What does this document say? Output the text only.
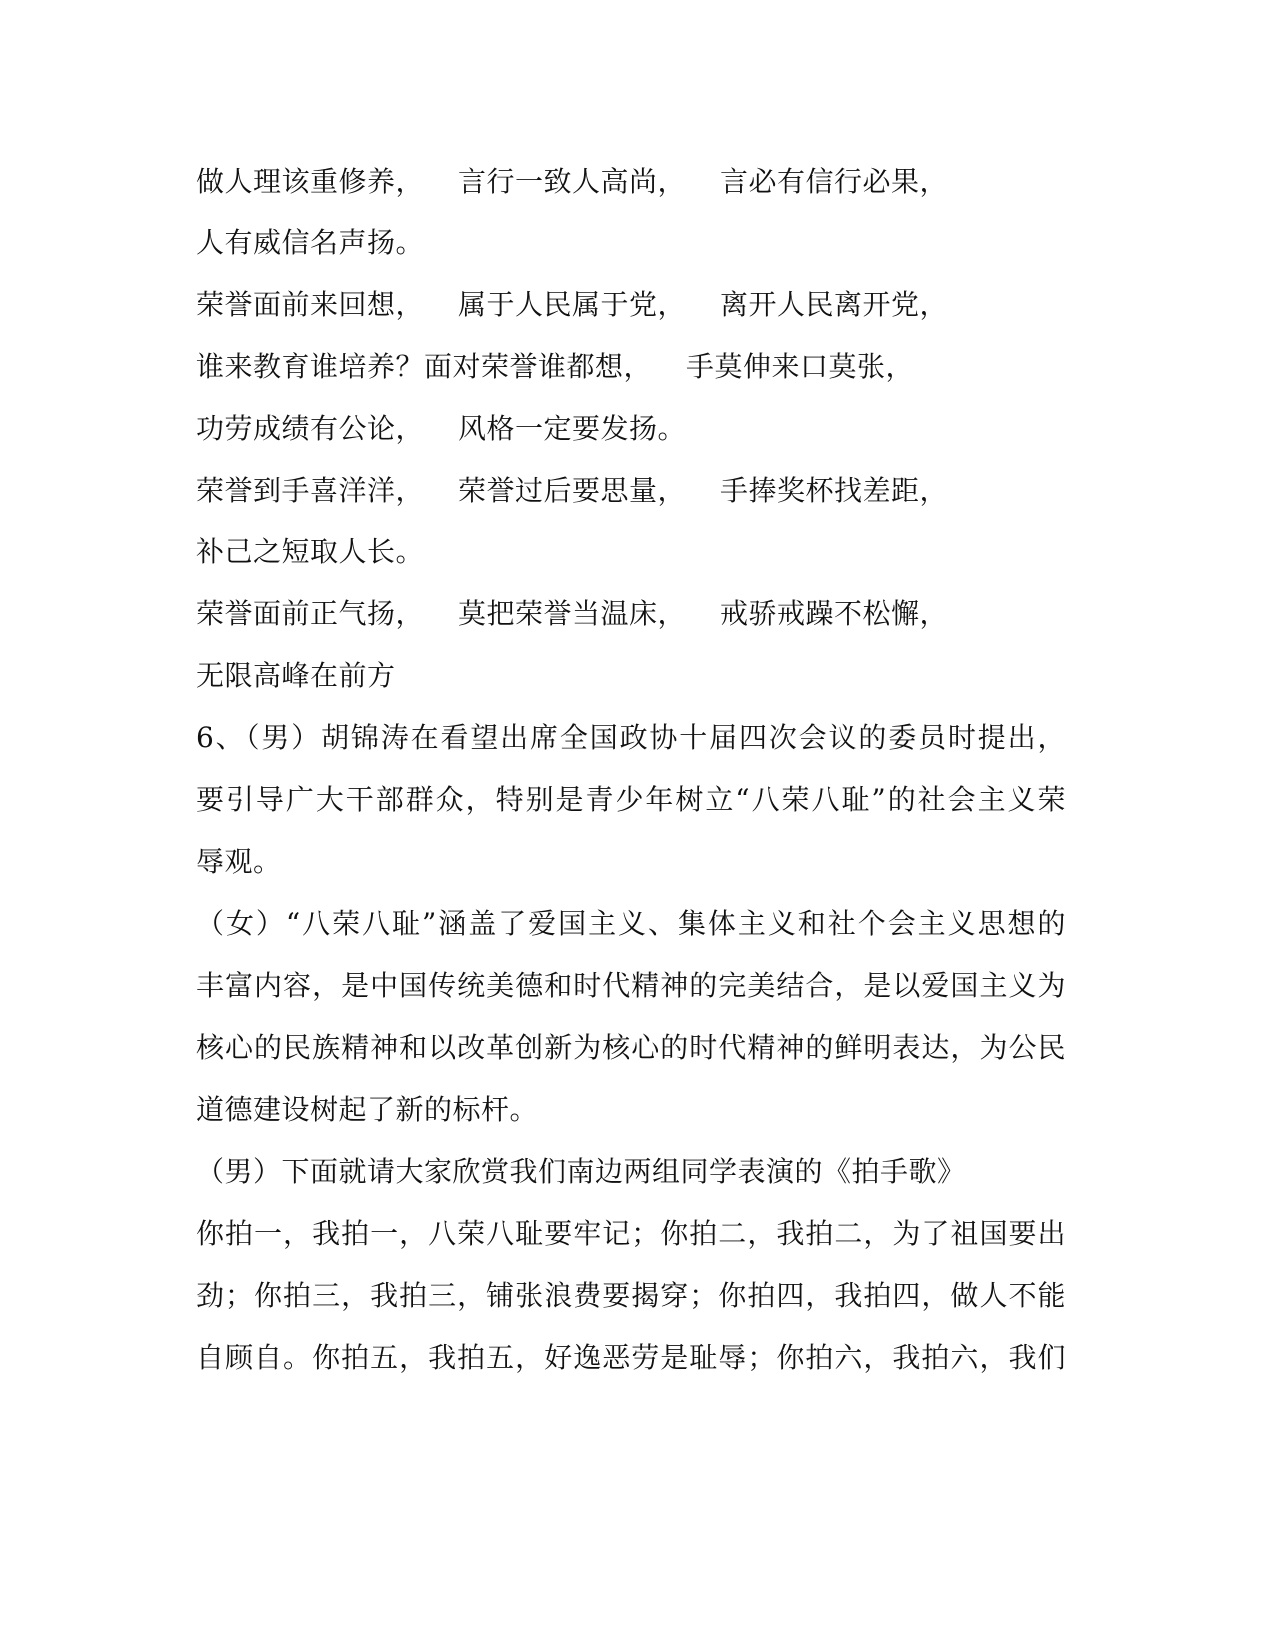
做人理该重修养， 言行一致人高尚， 言必有信行必果，
人有威信名声扬。
荣誉面前来回想， 属于人民属于党， 离开人民离开党，
谁来教育谁培养？面对荣誉谁都想， 手莫伸来口莫张，
功劳成绩有公论， 风格一定要发扬。
荣誉到手喜洋洋， 荣誉过后要思量， 手捧奖杯找差距，
补己之短取人长。
荣誉面前正气扬， 莫把荣誉当温床， 戒骄戒躁不松懈，
无限高峰在前方
6、（男）胡锦涛在看望出席全国政协十届四次会议的委员时提出，
要引导广大干部群众，特别是青少年树立“八荣八耻”的社会主义荣
辱观。
（女）“八荣八耻”涵盖了爱国主义、集体主义和社个会主义思想的
丰富内容，是中国传统美德和时代精神的完美结合，是以爱国主义为
核心的民族精神和以改革创新为核心的时代精神的鲜明表达，为公民
道德建设树起了新的标杆。
（男）下面就请大家欣赏我们南边两组同学表演的《拍手歌》
你拍一，我拍一，八荣八耻要牢记；你拍二，我拍二，为了祖国要出
劲；你拍三，我拍三，铺张浪费要揭穿；你拍四，我拍四，做人不能
自顾自。你拍五，我拍五，好逸恶劳是耻辱；你拍六，我拍六，我们
